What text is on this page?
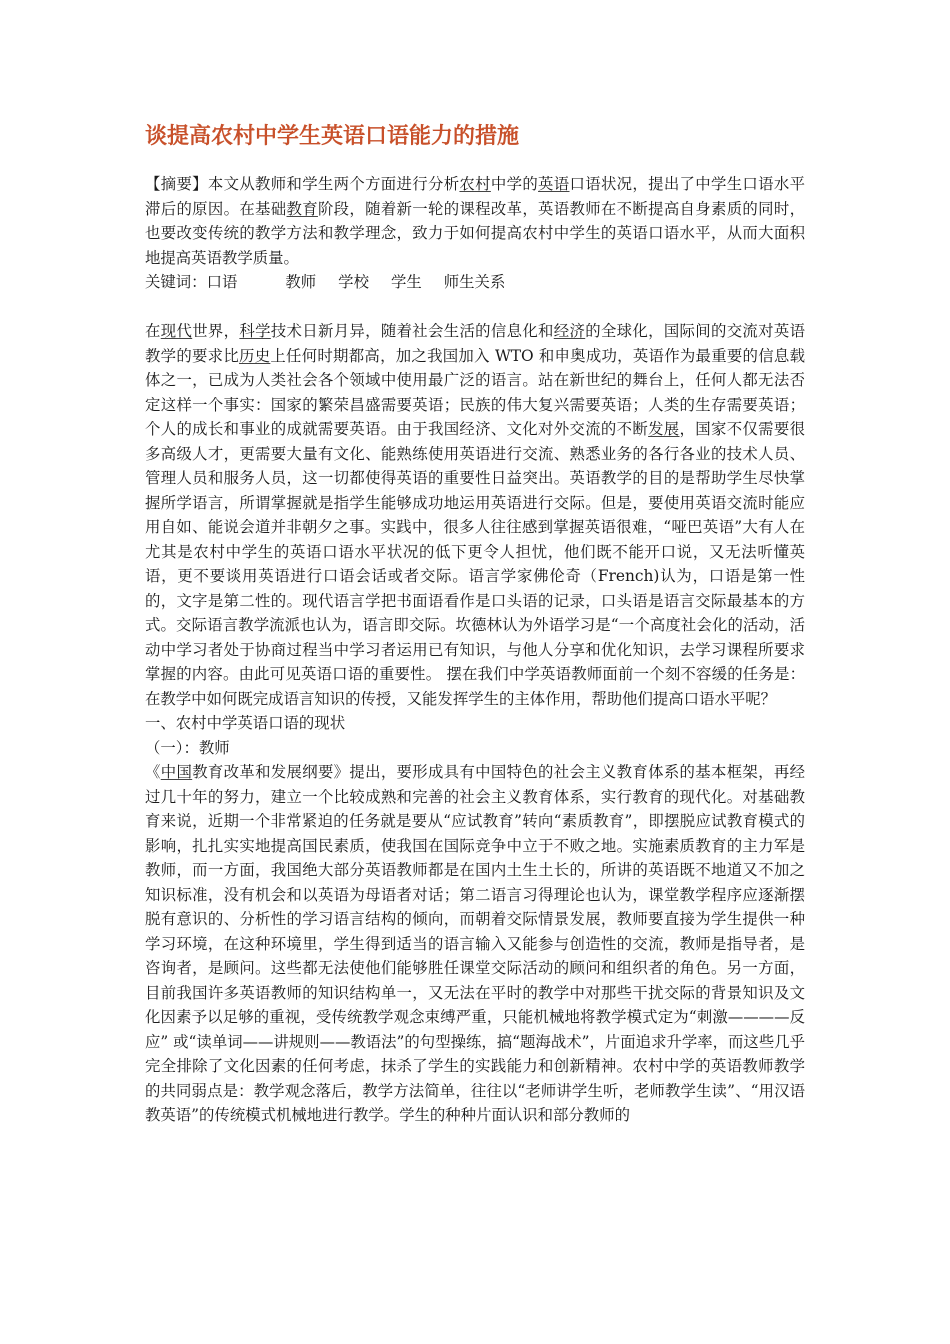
谈提高农村中学生英语口语能力的措施

【摘要】本文从教师和学生两个方面进行分析农村中学的英语口语状况，提出了中学生口语水平滞后的原因。在基础教育阶段，随着新一轮的课程改革，英语教师在不断提高自身素质的同时，也要改变传统的教学方法和教学理念，致力于如何提高农村中学生的英语口语水平，从而大面积地提高英语教学质量。

关键词：口语	教师 学校 学生 师生关系

在现代世界，科学技术日新月异，随着社会生活的信息化和经济的全球化，国际间的交流对英语教学的要求比历史上任何时期都高，加之我国加入 WTO 和申奥成功，英语作为最重要的信息载体之一，已成为人类社会各个领域中使用最广泛的语言。站在新世纪的舞台上，任何人都无法否定这样一个事实：国家的繁荣昌盛需要英语；民族的伟大复兴需要英语；人类的生存需要英语；个人的成长和事业的成就需要英语。由于我国经济、文化对外交流的不断发展，国家不仅需要很多高级人才，更需要大量有文化、能熟练使用英语进行交流、熟悉业务的各行各业的技术人员、管理人员和服务人员，这一切都使得英语的重要性日益突出。英语教学的目的是帮助学生尽快掌握所学语言，所谓掌握就是指学生能够成功地运用英语进行交际。但是，要使用英语交流时能应用自如、能说会道并非朝夕之事。实践中，很多人往往感到掌握英语很难，“哑巴英语”大有人在尤其是农村中学生的英语口语水平状况的低下更令人担忧，他们既不能开口说，又无法听懂英语，更不要谈用英语进行口语会话或者交际。语言学家佛伦奇（French)认为，口语是第一性的，文字是第二性的。现代语言学把书面语看作是口头语的记录，口头语是语言交际最基本的方式。交际语言教学流派也认为，语言即交际。坎德林认为外语学习是“一个高度社会化的活动，活动中学习者处于协商过程当中学习者运用已有知识，与他人分享和优化知识，去学习课程所要求掌握的内容。由此可见英语口语的重要性。 摆在我们中学英语教师面前一个刻不容缓的任务是：在教学中如何既完成语言知识的传授，又能发挥学生的主体作用，帮助他们提高口语水平呢？

一、农村中学英语口语的现状

（一）：教师

《中国教育改革和发展纲要》提出，要形成具有中国特色的社会主义教育体系的基本框架，再经过几十年的努力，建立一个比较成熟和完善的社会主义教育体系，实行教育的现代化。对基础教育来说，近期一个非常紧迫的任务就是要从“应试教育”转向“素质教育”，即摆脱应试教育模式的影响，扎扎实实地提高国民素质，使我国在国际竞争中立于不败之地。实施素质教育的主力军是教师，而一方面，我国绝大部分英语教师都是在国内土生土长的，所讲的英语既不地道又不加之知识标准，没有机会和以英语为母语者对话；第二语言习得理论也认为，课堂教学程序应逐渐摆脱有意识的、分析性的学习语言结构的倾向，而朝着交际情景发展，教师要直接为学生提供一种学习环境，在这种环境里，学生得到适当的语言输入又能参与创造性的交流，教师是指导者，是咨询者，是顾问。这些都无法使他们能够胜任课堂交际活动的顾问和组织者的角色。另一方面，目前我国许多英语教师的知识结构单一，又无法在平时的教学中对那些干扰交际的背景知识及文化因素予以足够的重视，受传统教学观念束缚严重，只能机械地将教学模式定为“刺激————反应” 或“读单词——讲规则——教语法”的句型操练，搞“题海战术”，片面追求升学率，而这些几乎完全排除了文化因素的任何考虑，抹杀了学生的实践能力和创新精神。农村中学的英语教师教学的共同弱点是：教学观念落后，教学方法简单，往往以“老师讲学生听，老师教学生读”、“用汉语教英语”的传统模式机械地进行教学。学生的种种片面认识和部分教师的
